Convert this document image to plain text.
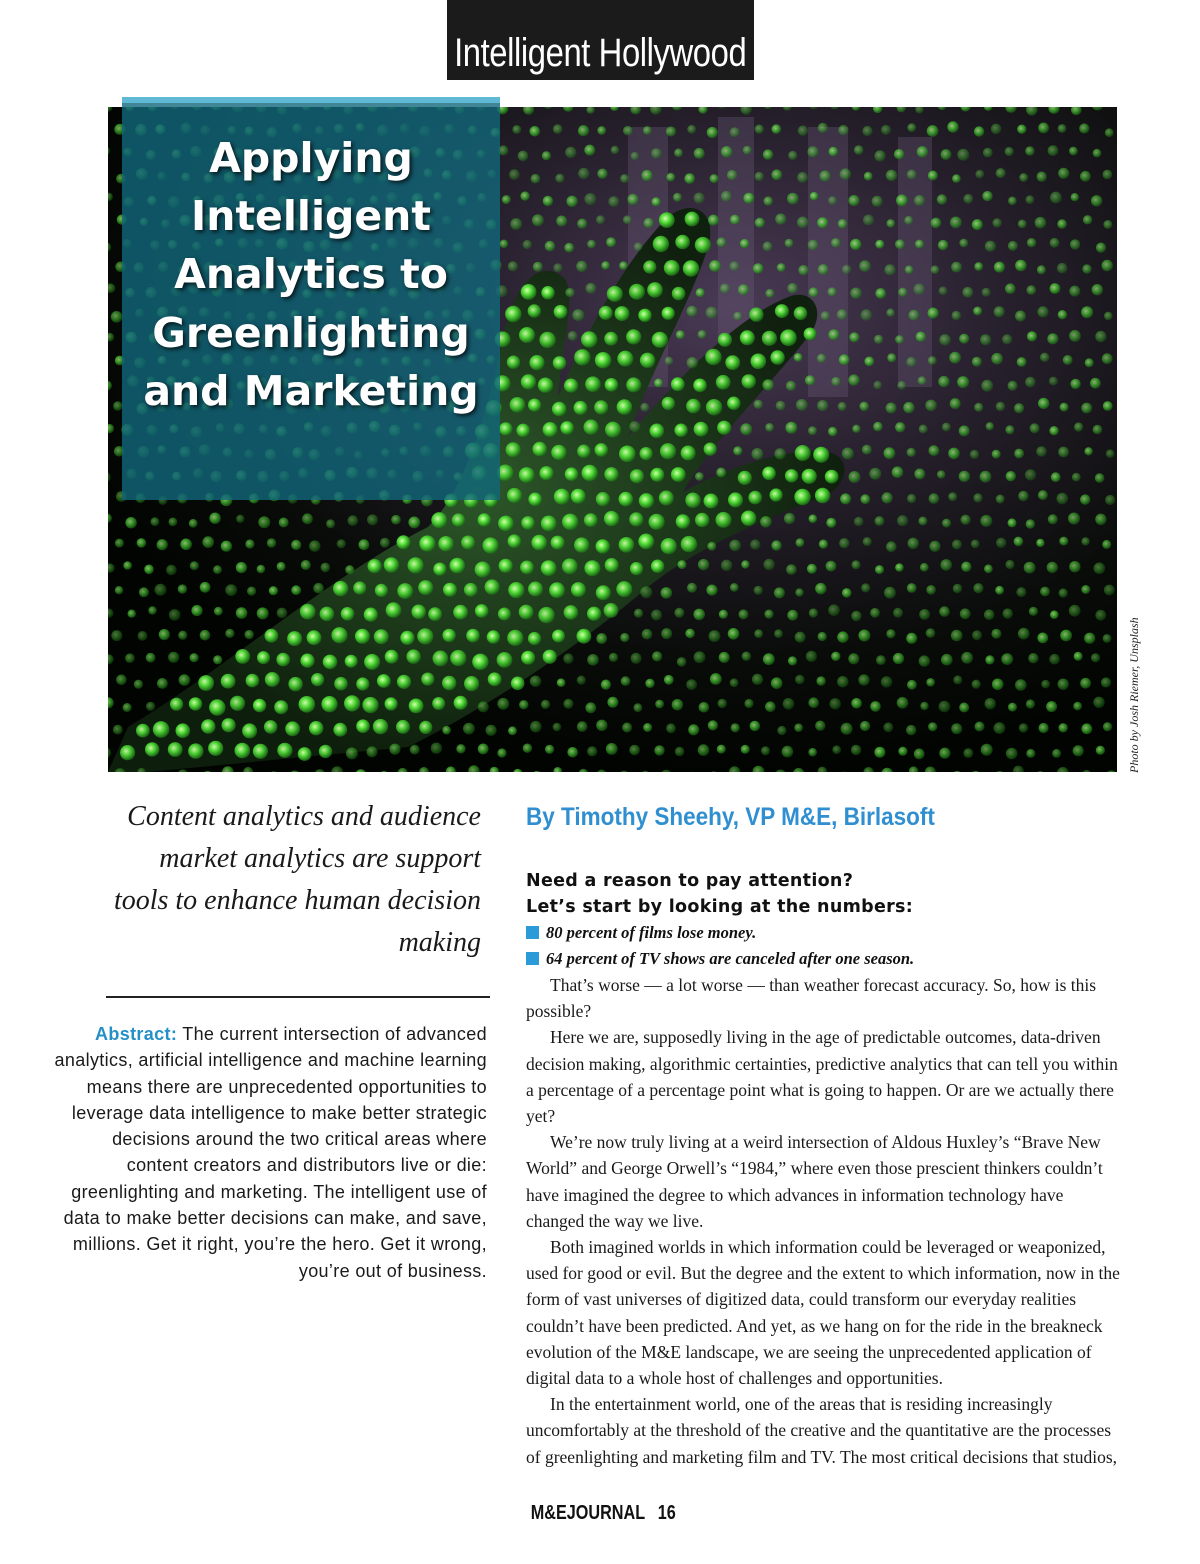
Intelligent Hollywood
Applying Intelligent Analytics to Greenlighting and Marketing
Photo by Josh Riemer, Unsplash
Content analytics and audience market analytics are support tools to enhance human decision making
Abstract: The current intersection of advanced analytics, artificial intelligence and machine learning means there are unprecedented opportunities to leverage data intelligence to make better strategic decisions around the two critical areas where content creators and distributors live or die: greenlighting and marketing. The intelligent use of data to make better decisions can make, and save, millions. Get it right, you’re the hero. Get it wrong, you’re out of business.
By Timothy Sheehy, VP M&E, Birlasoft

Need a reason to pay attention?

Let’s start by looking at the numbers:

80 percent of films lose money.
64 percent of TV shows are canceled after one season.

That’s worse — a lot worse — than weather forecast accuracy. So, how is this possible?

Here we are, supposedly living in the age of predictable outcomes, data-driven decision making, algorithmic certainties, predictive analytics that can tell you within a percentage of a percentage point what is going to happen. Or are we actually there yet?

We’re now truly living at a weird intersection of Aldous Huxley’s “Brave New World” and George Orwell’s “1984,” where even those prescient thinkers couldn’t have imagined the degree to which advances in information technology have changed the way we live.

Both imagined worlds in which information could be leveraged or weaponized, used for good or evil. But the degree and the extent to which information, now in the form of vast universes of digitized data, could transform our everyday realities couldn’t have been predicted. And yet, as we hang on for the ride in the breakneck evolution of the M&E landscape, we are seeing the unprecedented application of digital data to a whole host of challenges and opportunities.

In the entertainment world, one of the areas that is residing increasingly uncomfortably at the threshold of the creative and the quantitative are the processes of greenlighting and marketing film and TV. The most critical decisions that studios,

M&EJOURNAL 16
